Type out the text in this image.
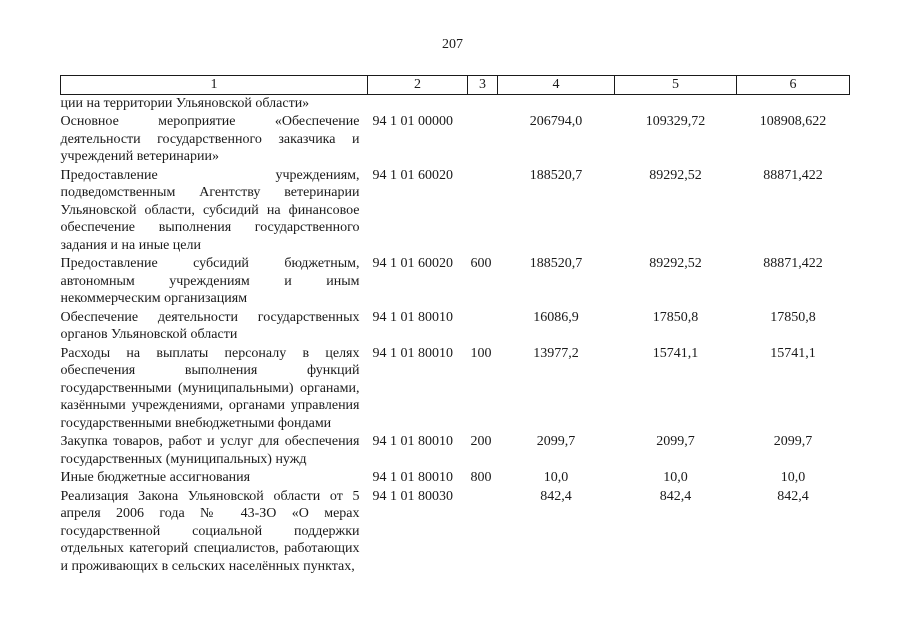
207
1	2	3	4	5	6
ции на территории Ульяновской области»					
Основное мероприятие «Обеспечение деятельности государственного заказчика и учреждений ветеринарии»	94 1 01 00000		206794,0	109329,72	108908,622
Предоставление учреждениям, подведомственным Агентству ветеринарии Ульяновской области, субсидий на финансовое обеспечение выполнения государственного задания и на иные цели	94 1 01 60020		188520,7	89292,52	88871,422
Предоставление субсидий бюджетным, автономным учреждениям и иным некоммерческим организациям	94 1 01 60020	600	188520,7	89292,52	88871,422
Обеспечение деятельности государственных органов Ульяновской области	94 1 01 80010		16086,9	17850,8	17850,8
Расходы на выплаты персоналу в целях обеспечения выполнения функций государственными (муниципальными) органами, казёнными учреждениями, органами управления государственными внебюджетными фондами	94 1 01 80010	100	13977,2	15741,1	15741,1
Закупка товаров, работ и услуг для обеспечения государственных (муниципальных) нужд	94 1 01 80010	200	2099,7	2099,7	2099,7
Иные бюджетные ассигнования	94 1 01 80010	800	10,0	10,0	10,0
Реализация Закона Ульяновской области от 5 апреля 2006 года № 43-ЗО «О мерах государственной социальной поддержки отдельных категорий специалистов, работающих и проживающих в сельских населённых пунктах,	94 1 01 80030		842,4	842,4	842,4
